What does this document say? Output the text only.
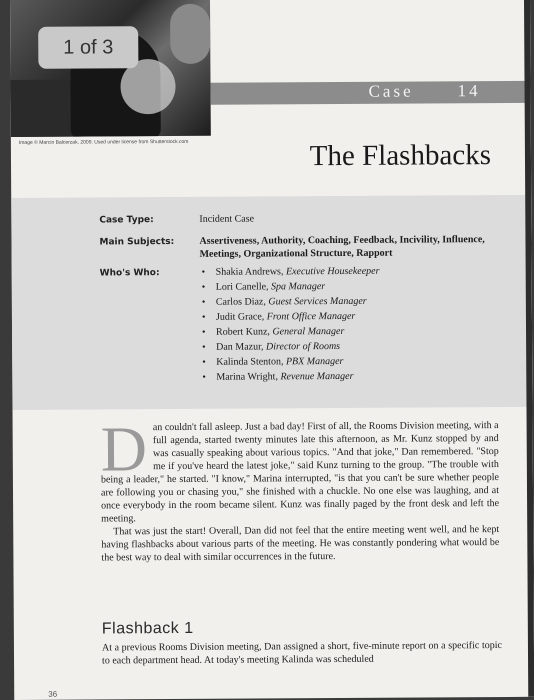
Case	14
Image © Marcin Balcerzak, 2009. Used under license from Shutterstock.com	The Flashbacks
Case Type:	Incident Case
Main Subjects:	Assertiveness, Authority, Coaching, Feedback, Incivility, Influence, Meetings, Organizational Structure, Rapport
Who's Who:	• Shakia Andrews, Executive Housekeeper
• Lori Canelle, Spa Manager
• Carlos Diaz, Guest Services Manager
• Judit Grace, Front Office Manager
• Robert Kunz, General Manager
• Dan Mazur, Director of Rooms
• Kalinda Stenton, PBX Manager
• Marina Wright, Revenue Manager
D an couldn't fall asleep. Just a bad day! First of all, the Rooms Division meeting, with a full agenda, started twenty minutes late this afternoon, as Mr. Kunz stopped by and was casually speaking about various topics. "And that joke," Dan remembered. "Stop me if you've heard the latest joke," said Kunz turning to the group. "The trouble with being a leader," he started. "I know," Marina interrupted, "is that you can't be sure whether people are following you or chasing you," she finished with a chuckle. No one else was laughing, and at once everybody in the room became silent. Kunz was finally paged by the front desk and left the meeting.

That was just the start! Overall, Dan did not feel that the entire meeting went well, and he kept having flashbacks about various parts of the meeting. He was constantly pondering what would be the best way to deal with similar occurrences in the future.

Flashback 1
At a previous Rooms Division meeting, Dan assigned a short, five-minute report on a specific topic to each department head. At today's meeting Kalinda was scheduled
36
1 of 3
